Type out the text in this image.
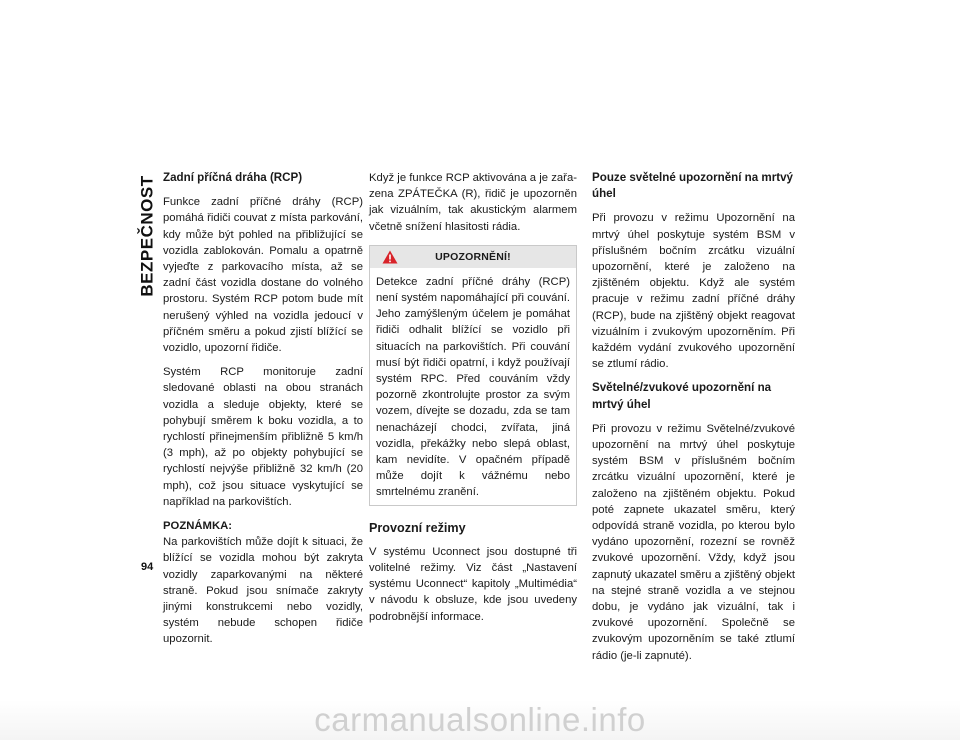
BEZPEČNOST
94
Zadní příčná dráha (RCP)

Funkce zadní příčné dráhy (RCP) pomáhá řidiči couvat z místa parkování, kdy může být pohled na přibližující se vozidla zablokován. Pomalu a opatrně vyjeďte z parkovacího místa, až se zadní část vozidla dostane do volného prostoru. Systém RCP potom bude mít nerušený výhled na vozidla jedoucí v příčném směru a pokud zjistí blížící se vozidlo, upozorní řidiče.

Systém RCP monitoruje zadní sledované oblasti na obou stranách vozidla a sleduje objekty, které se pohybují směrem k boku vozidla, a to rychlostí přinejmenším přibližně 5 km/h (3 mph), až po objekty pohybující se rychlostí nejvýše přibližně 32 km/h (20 mph), což jsou situace vyskytující se například na parkovištích.

POZNÁMKA:
Na parkovištích může dojít k situaci, že blížící se vozidla mohou být zakryta vozidly zaparkovanými na některé straně. Pokud jsou snímače zakryty jinými konstrukcemi nebo vozidly, systém nebude schopen řidiče upozornit.

Když je funkce RCP aktivována a je zařazena ZPÁTEČKA (R), řidič je upozorněn jak vizuálním, tak akustickým alarmem včetně snížení hlasitosti rádia.

UPOZORNĚNÍ!

Detekce zadní příčné dráhy (RCP) není systém napomáhající při couvání. Jeho zamýšleným účelem je pomáhat řidiči odhalit blížící se vozidlo při situacích na parkovištích. Při couvání musí být řidiči opatrní, i když používají systém RPC. Před couváním vždy pozorně zkontrolujte prostor za svým vozem, dívejte se dozadu, zda se tam nenacházejí chodci, zvířata, jiná vozidla, překážky nebo slepá oblast, kam nevidíte. V opačném případě může dojít k vážnému nebo smrtelnému zranění.

Provozní režimy

V systému Uconnect jsou dostupné tři volitelné režimy. Viz část „Nastavení systému Uconnect“ kapitoly „Multimédia“ v návodu k obsluze, kde jsou uvedeny podrobnější informace.

Pouze světelné upozornění na mrtvý úhel

Při provozu v režimu Upozornění na mrtvý úhel poskytuje systém BSM v příslušném bočním zrcátku vizuální upozornění, které je založeno na zjištěném objektu. Když ale systém pracuje v režimu zadní příčné dráhy (RCP), bude na zjištěný objekt reagovat vizuálním i zvukovým upozorněním. Při každém vydání zvukového upozornění se ztlumí rádio.

Světelné/zvukové upozornění na mrtvý úhel

Při provozu v režimu Světelné/zvukové upozornění na mrtvý úhel poskytuje systém BSM v příslušném bočním zrcátku vizuální upozornění, které je založeno na zjištěném objektu. Pokud poté zapnete ukazatel směru, který odpovídá straně vozidla, po kterou bylo vydáno upozornění, rozezní se rovněž zvukové upozornění. Vždy, když jsou zapnutý ukazatel směru a zjištěný objekt na stejné straně vozidla a ve stejnou dobu, je vydáno jak vizuální, tak i zvukové upozornění. Společně se zvukovým upozorněním se také ztlumí rádio (je-li zapnuté).

carmanualsonline.info
